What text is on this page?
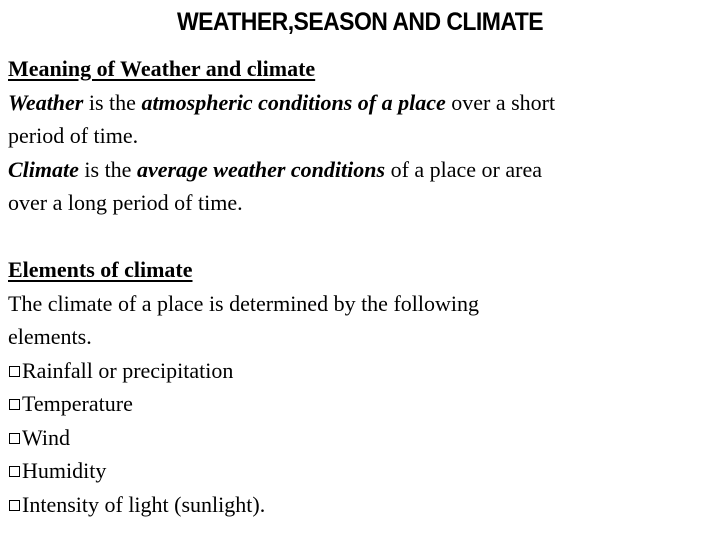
WEATHER,SEASON AND CLIMATE
Meaning of Weather and climate
Weather is the atmospheric conditions of a place over a short
period of time.
Climate is the average weather conditions of a place or area
over a long period of time.
Elements of climate
The climate of a place is determined by the following
elements.
Rainfall or precipitation
Temperature
Wind
Humidity
Intensity of light (sunlight).
